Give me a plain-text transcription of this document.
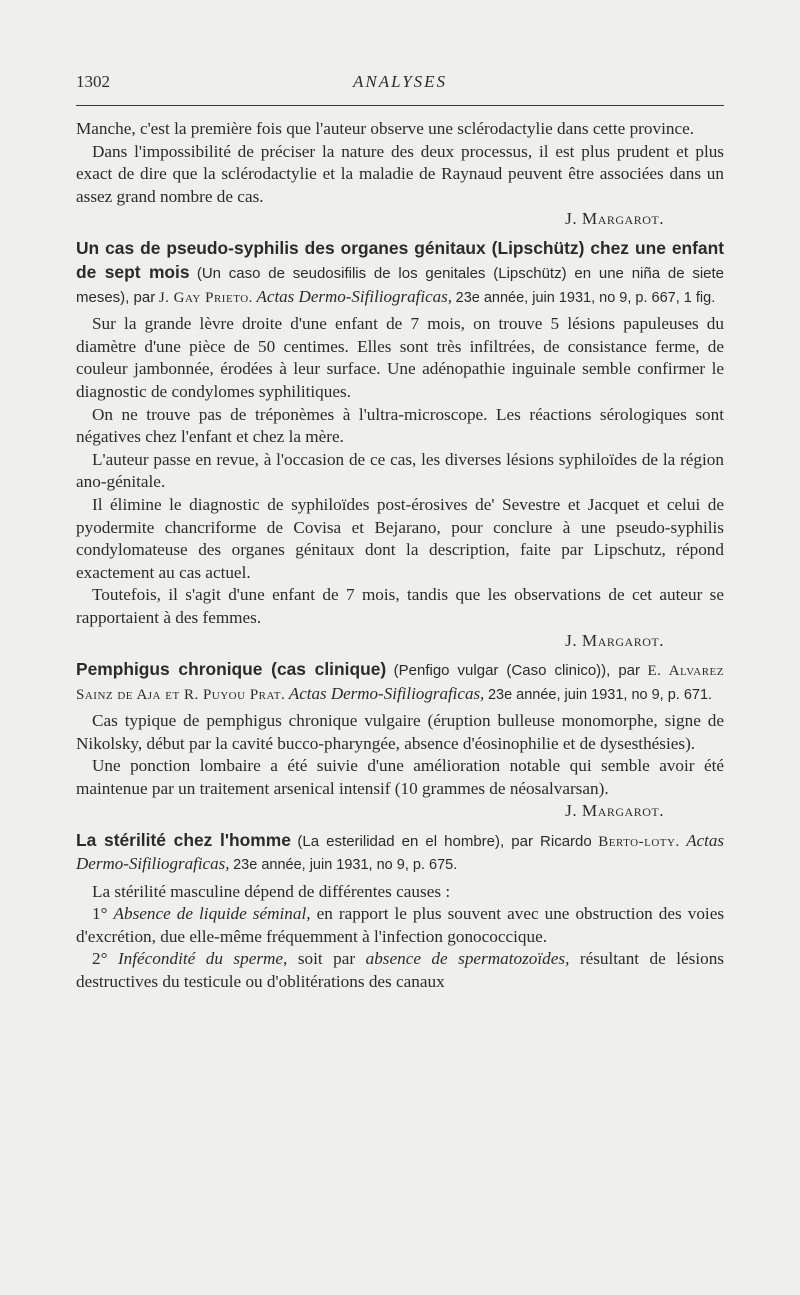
1302	ANALYSES

Manche, c'est la première fois que l'auteur observe une sclérodactylie dans cette province.

Dans l'impossibilité de préciser la nature des deux processus, il est plus prudent et plus exact de dire que la sclérodactylie et la maladie de Raynaud peuvent être associées dans un assez grand nombre de cas.

J. Margarot.

Un cas de pseudo-syphilis des organes génitaux (Lipschütz) chez une enfant de sept mois (Un caso de seudosifilis de los genitales (Lipschütz) en une niña de siete meses), par J. Gay Prieto. Actas Dermo-Sifiliograficas, 23e année, juin 1931, no 9, p. 667, 1 fig.

Sur la grande lèvre droite d'une enfant de 7 mois, on trouve 5 lésions papuleuses du diamètre d'une pièce de 50 centimes. Elles sont très infiltrées, de consistance ferme, de couleur jambonnée, érodées à leur surface. Une adénopathie inguinale semble confirmer le diagnostic de condylomes syphilitiques.

On ne trouve pas de tréponèmes à l'ultra-microscope. Les réactions sérologiques sont négatives chez l'enfant et chez la mère.

L'auteur passe en revue, à l'occasion de ce cas, les diverses lésions syphiloïdes de la région ano-génitale.

Il élimine le diagnostic de syphiloïdes post-érosives de' Sevestre et Jacquet et celui de pyodermite chancriforme de Covisa et Bejarano, pour conclure à une pseudo-syphilis condylomateuse des organes génitaux dont la description, faite par Lipschutz, répond exactement au cas actuel.

Toutefois, il s'agit d'une enfant de 7 mois, tandis que les observations de cet auteur se rapportaient à des femmes.

J. Margarot.

Pemphigus chronique (cas clinique) (Penfigo vulgar (Caso clinico)), par E. Alvarez Sainz de Aja et R. Puyou Prat. Actas Dermo-Sifiliograficas, 23e année, juin 1931, no 9, p. 671.

Cas typique de pemphigus chronique vulgaire (éruption bulleuse monomorphe, signe de Nikolsky, début par la cavité bucco-pharyngée, absence d'éosinophilie et de dysesthésies).

Une ponction lombaire a été suivie d'une amélioration notable qui semble avoir été maintenue par un traitement arsenical intensif (10 grammes de néosalvarsan).

J. Margarot.

La stérilité chez l'homme (La esterilidad en el hombre), par Ricardo Berto-loty. Actas Dermo-Sifiliograficas, 23e année, juin 1931, no 9, p. 675.

La stérilité masculine dépend de différentes causes :

1° Absence de liquide séminal, en rapport le plus souvent avec une obstruction des voies d'excrétion, due elle-même fréquemment à l'infection gonococcique.

2° Infécondité du sperme, soit par absence de spermatozoïdes, résultant de lésions destructives du testicule ou d'oblitérations des canaux
